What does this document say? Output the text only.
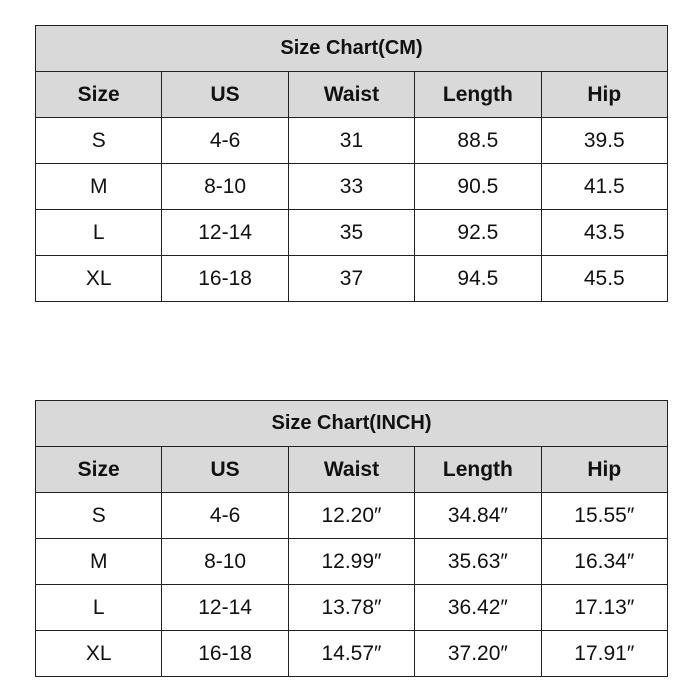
Size Chart(CM)				
Size	US	Waist	Length	Hip
S	4-6	31	88.5	39.5
M	8-10	33	90.5	41.5
L	12-14	35	92.5	43.5
XL	16-18	37	94.5	45.5
Size Chart(INCH)				
Size	US	Waist	Length	Hip
S	4-6	12.20″	34.84″	15.55″
M	8-10	12.99″	35.63″	16.34″
L	12-14	13.78″	36.42″	17.13″
XL	16-18	14.57″	37.20″	17.91″
